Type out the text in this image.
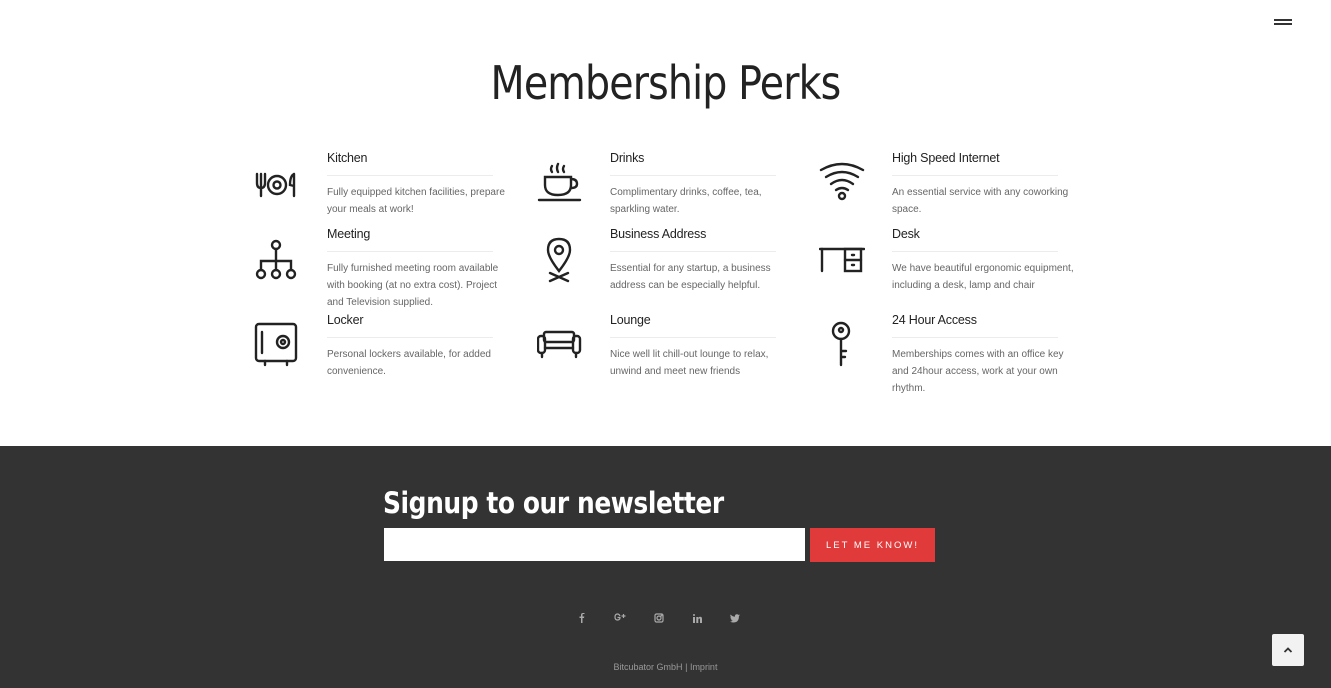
Membership Perks
Kitchen
Fully equipped kitchen facilities, prepare your meals at work!
Drinks
Complimentary drinks, coffee, tea, sparkling water.
High Speed Internet
An essential service with any coworking space.
Meeting
Fully furnished meeting room available with booking (at no extra cost). Project and Television supplied.
Business Address
Essential for any startup, a business address can be especially helpful.
Desk
We have beautiful ergonomic equipment, including a desk, lamp and chair
Locker
Personal lockers available, for added convenience.
Lounge
Nice well lit chill-out lounge to relax, unwind and meet new friends
24 Hour Access
Memberships comes with an office key and 24hour access, work at your own rhythm.
Signup to our newsletter
LET ME KNOW!
Bitcubator GmbH | Imprint
